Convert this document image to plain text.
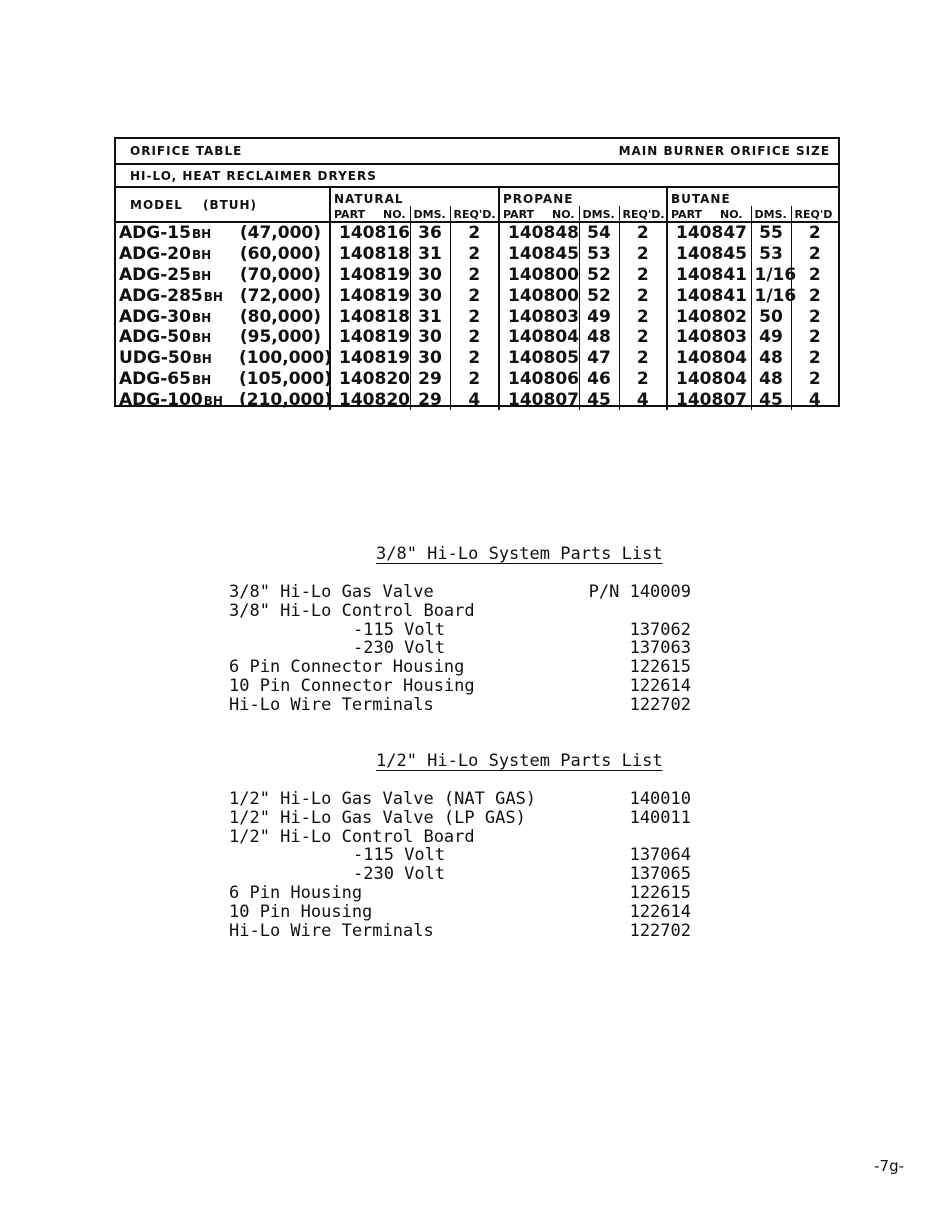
ORIFICE TABLE						MAIN BURNER ORIFICE SIZE				
HI-LO, HEAT RECLAIMER DRYERS										
MODEL (BTUH)		NATURAL			PROPANE			BUTANE		
		PART NO.	DMS.	REQ'D.	PART NO.	DMS.	REQ'D.	PART NO.	DMS.	REQ'D
ADG-15BH	(47,000)	140816	36	2	140848	54	2	140847	55	2
ADG-20BH	(60,000)	140818	31	2	140845	53	2	140845	53	2
ADG-25BH	(70,000)	140819	30	2	140800	52	2	140841	1/16	2
ADG-285BH	(72,000)	140819	30	2	140800	52	2	140841	1/16	2
ADG-30BH	(80,000)	140818	31	2	140803	49	2	140802	50	2
ADG-50BH	(95,000)	140819	30	2	140804	48	2	140803	49	2
UDG-50BH	(100,000)	140819	30	2	140805	47	2	140804	48	2
ADG-65BH	(105,000)	140820	29	2	140806	46	2	140804	48	2
ADG-100BH	(210,000)	140820	29	4	140807	45	4	140807	45	4
3/8" Hi-Lo System Parts List
3/8" Hi-Lo Gas Valve	P/N 140009
3/8" Hi-Lo Control Board
-115 Volt	137062
-230 Volt	137063
6 Pin Connector Housing	122615
10 Pin Connector Housing	122614
Hi-Lo Wire Terminals	122702
1/2" Hi-Lo System Parts List
1/2" Hi-Lo Gas Valve (NAT GAS)	140010
1/2" Hi-Lo Gas Valve (LP GAS)	140011
1/2" Hi-Lo Control Board
-115 Volt	137064
-230 Volt	137065
6 Pin Housing	122615
10 Pin Housing	122614
Hi-Lo Wire Terminals	122702
-7g-
